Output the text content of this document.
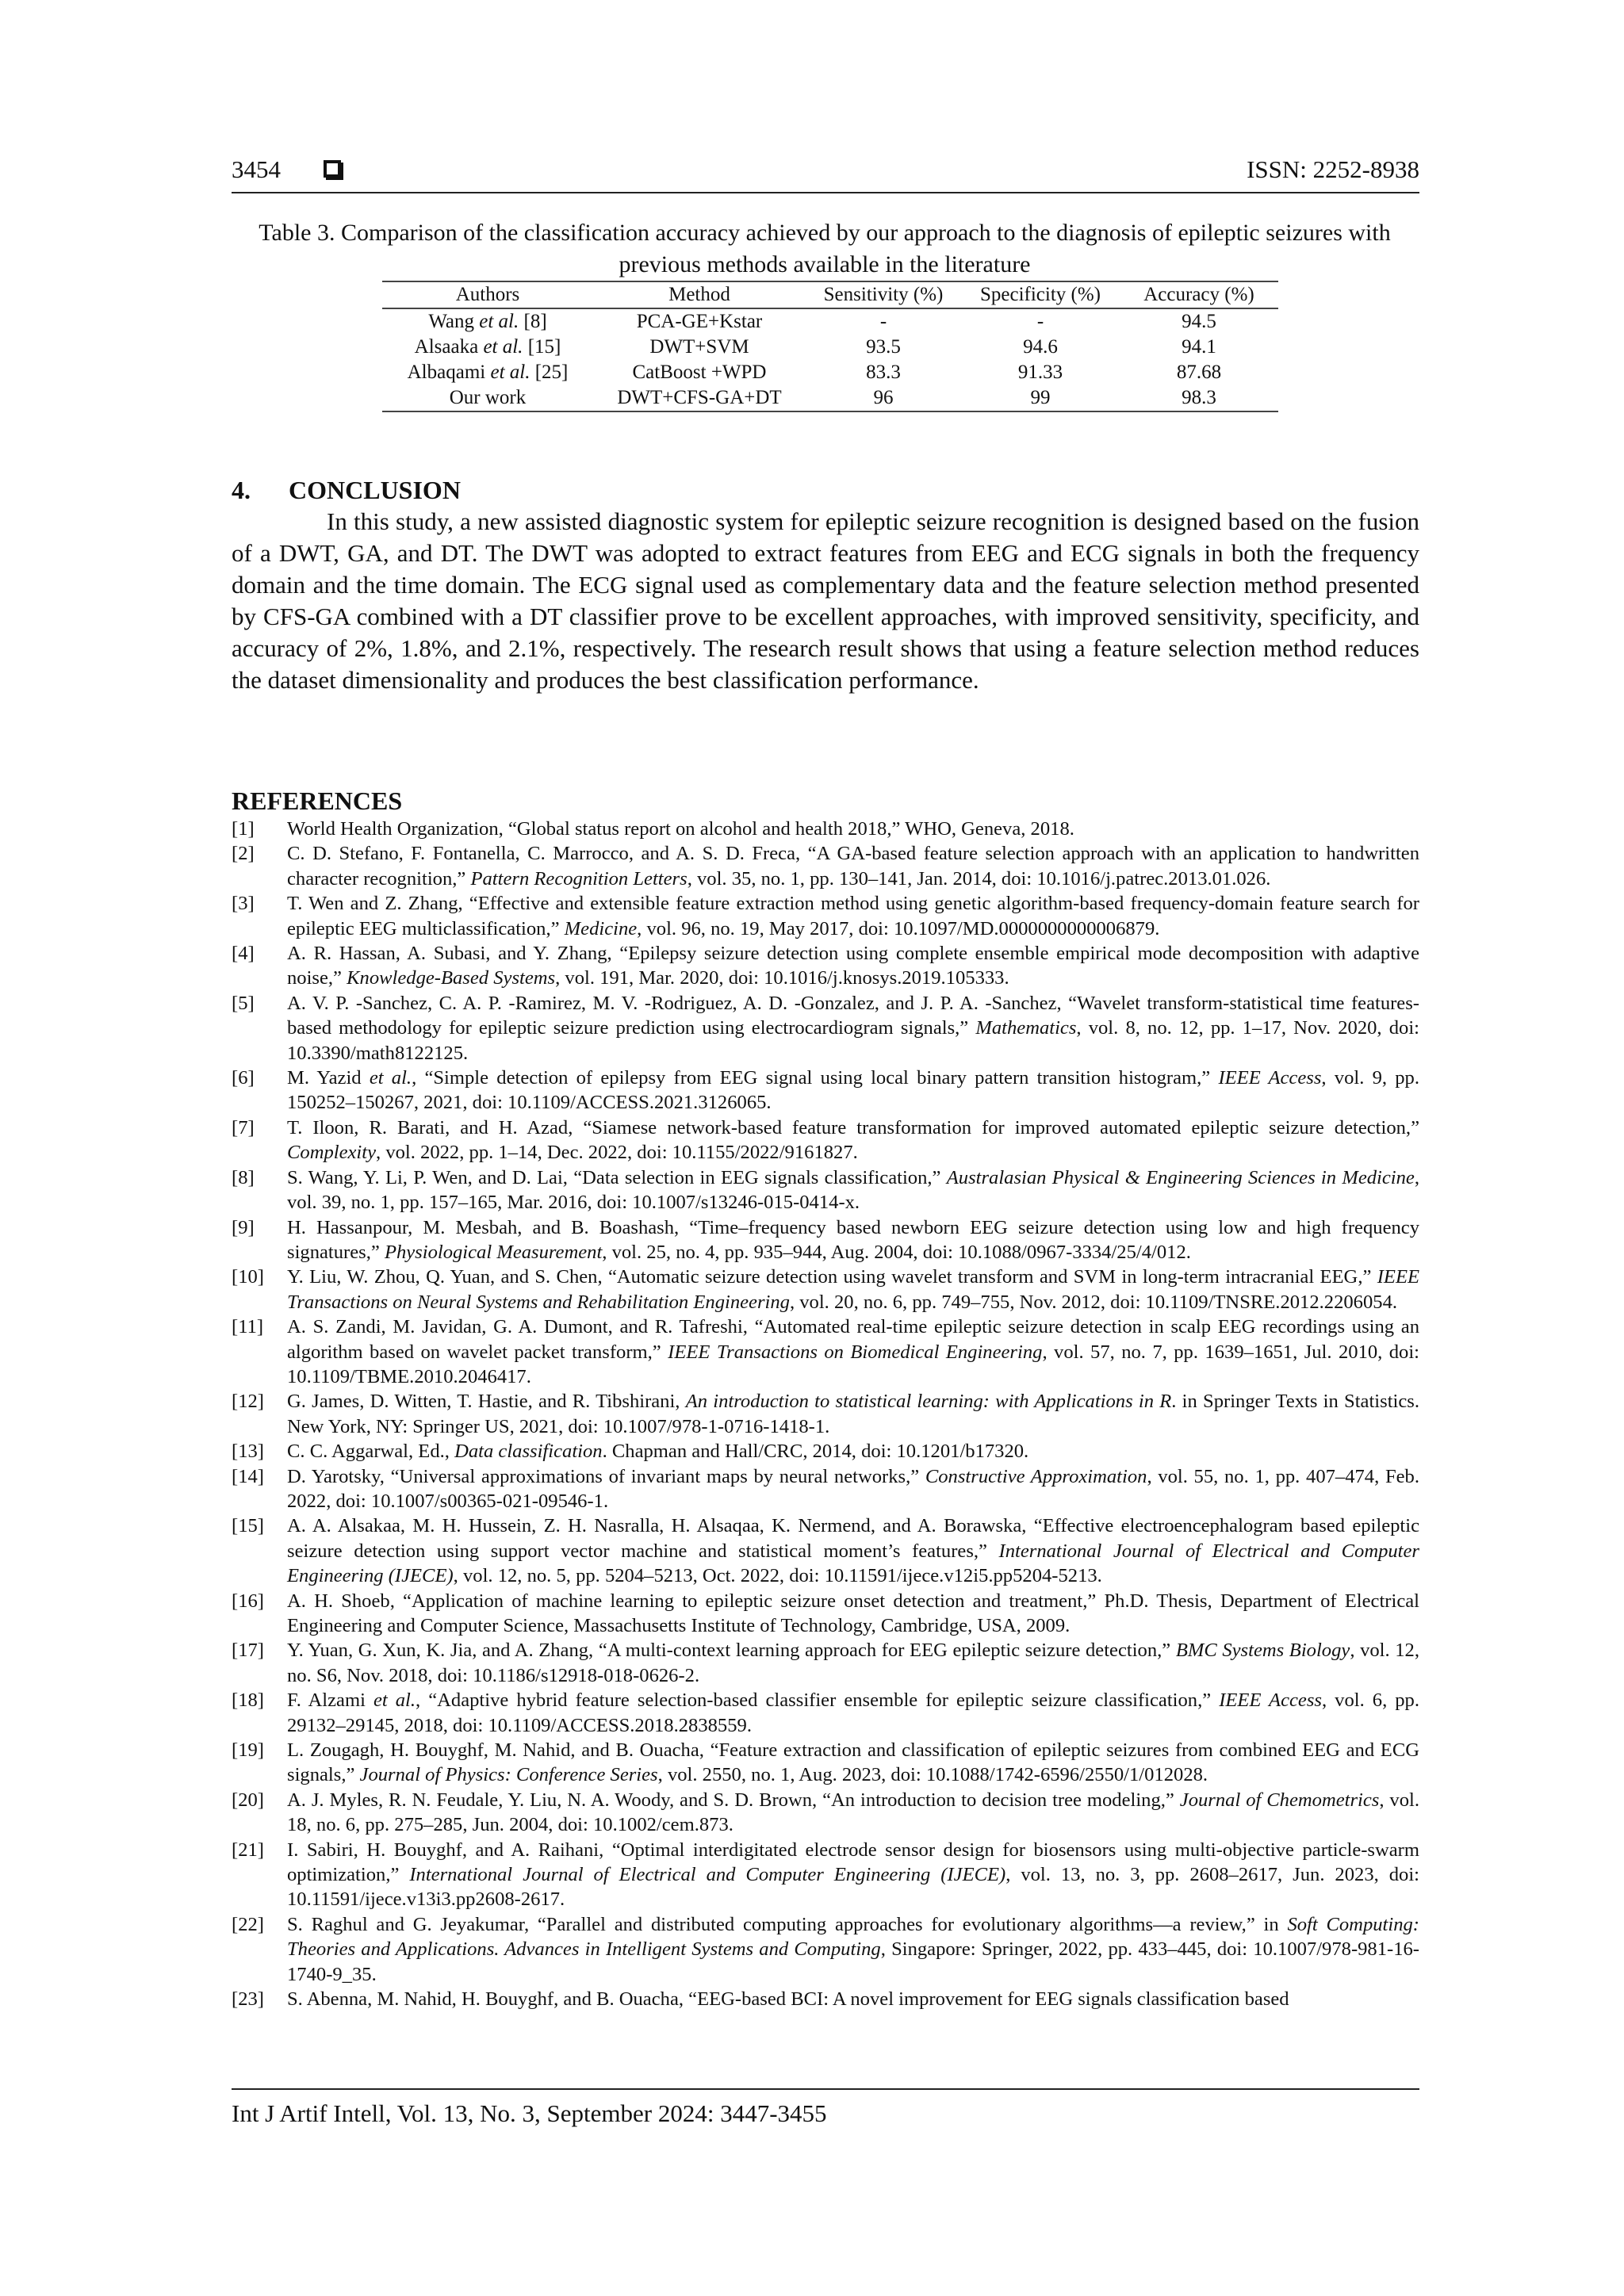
3454	ISSN: 2252-8938
Table 3. Comparison of the classification accuracy achieved by our approach to the diagnosis of epileptic seizures with previous methods available in the literature
Authors	Method	Sensitivity (%)	Specificity (%)	Accuracy (%)
Wang et al. [8]	PCA-GE+Kstar	-	-	94.5
Alsaaka et al. [15]	DWT+SVM	93.5	94.6	94.1
Albaqami et al. [25]	CatBoost +WPD	83.3	91.33	87.68
Our work	DWT+CFS-GA+DT	96	99	98.3
4. CONCLUSION

In this study, a new assisted diagnostic system for epileptic seizure recognition is designed based on the fusion of a DWT, GA, and DT. The DWT was adopted to extract features from EEG and ECG signals in both the frequency domain and the time domain. The ECG signal used as complementary data and the feature selection method presented by CFS-GA combined with a DT classifier prove to be excellent approaches, with improved sensitivity, specificity, and accuracy of 2%, 1.8%, and 2.1%, respectively. The research result shows that using a feature selection method reduces the dataset dimensionality and produces the best classification performance.

REFERENCES
[1]	World Health Organization, “Global status report on alcohol and health 2018,” WHO, Geneva, 2018.
[2]	C. D. Stefano, F. Fontanella, C. Marrocco, and A. S. D. Freca, “A GA-based feature selection approach with an application to handwritten character recognition,” Pattern Recognition Letters, vol. 35, no. 1, pp. 130–141, Jan. 2014, doi: 10.1016/j.patrec.2013.01.026.
[3]	T. Wen and Z. Zhang, “Effective and extensible feature extraction method using genetic algorithm-based frequency-domain feature search for epileptic EEG multiclassification,” Medicine, vol. 96, no. 19, May 2017, doi: 10.1097/MD.0000000000006879.
[4]	A. R. Hassan, A. Subasi, and Y. Zhang, “Epilepsy seizure detection using complete ensemble empirical mode decomposition with adaptive noise,” Knowledge-Based Systems, vol. 191, Mar. 2020, doi: 10.1016/j.knosys.2019.105333.
[5]	A. V. P. -Sanchez, C. A. P. -Ramirez, M. V. -Rodriguez, A. D. -Gonzalez, and J. P. A. -Sanchez, “Wavelet transform-statistical time features-based methodology for epileptic seizure prediction using electrocardiogram signals,” Mathematics, vol. 8, no. 12, pp. 1–17, Nov. 2020, doi: 10.3390/math8122125.
[6]	M. Yazid et al., “Simple detection of epilepsy from EEG signal using local binary pattern transition histogram,” IEEE Access, vol. 9, pp. 150252–150267, 2021, doi: 10.1109/ACCESS.2021.3126065.
[7]	T. Iloon, R. Barati, and H. Azad, “Siamese network-based feature transformation for improved automated epileptic seizure detection,” Complexity, vol. 2022, pp. 1–14, Dec. 2022, doi: 10.1155/2022/9161827.
[8]	S. Wang, Y. Li, P. Wen, and D. Lai, “Data selection in EEG signals classification,” Australasian Physical & Engineering Sciences in Medicine, vol. 39, no. 1, pp. 157–165, Mar. 2016, doi: 10.1007/s13246-015-0414-x.
[9]	H. Hassanpour, M. Mesbah, and B. Boashash, “Time–frequency based newborn EEG seizure detection using low and high frequency signatures,” Physiological Measurement, vol. 25, no. 4, pp. 935–944, Aug. 2004, doi: 10.1088/0967-3334/25/4/012.
[10]	Y. Liu, W. Zhou, Q. Yuan, and S. Chen, “Automatic seizure detection using wavelet transform and SVM in long-term intracranial EEG,” IEEE Transactions on Neural Systems and Rehabilitation Engineering, vol. 20, no. 6, pp. 749–755, Nov. 2012, doi: 10.1109/TNSRE.2012.2206054.
[11]	A. S. Zandi, M. Javidan, G. A. Dumont, and R. Tafreshi, “Automated real-time epileptic seizure detection in scalp EEG recordings using an algorithm based on wavelet packet transform,” IEEE Transactions on Biomedical Engineering, vol. 57, no. 7, pp. 1639–1651, Jul. 2010, doi: 10.1109/TBME.2010.2046417.
[12]	G. James, D. Witten, T. Hastie, and R. Tibshirani, An introduction to statistical learning: with Applications in R. in Springer Texts in Statistics. New York, NY: Springer US, 2021, doi: 10.1007/978-1-0716-1418-1.
[13]	C. C. Aggarwal, Ed., Data classification. Chapman and Hall/CRC, 2014, doi: 10.1201/b17320.
[14]	D. Yarotsky, “Universal approximations of invariant maps by neural networks,” Constructive Approximation, vol. 55, no. 1, pp. 407–474, Feb. 2022, doi: 10.1007/s00365-021-09546-1.
[15]	A. A. Alsakaa, M. H. Hussein, Z. H. Nasralla, H. Alsaqaa, K. Nermend, and A. Borawska, “Effective electroencephalogram based epileptic seizure detection using support vector machine and statistical moment’s features,” International Journal of Electrical and Computer Engineering (IJECE), vol. 12, no. 5, pp. 5204–5213, Oct. 2022, doi: 10.11591/ijece.v12i5.pp5204-5213.
[16]	A. H. Shoeb, “Application of machine learning to epileptic seizure onset detection and treatment,” Ph.D. Thesis, Department of Electrical Engineering and Computer Science, Massachusetts Institute of Technology, Cambridge, USA, 2009.
[17]	Y. Yuan, G. Xun, K. Jia, and A. Zhang, “A multi-context learning approach for EEG epileptic seizure detection,” BMC Systems Biology, vol. 12, no. S6, Nov. 2018, doi: 10.1186/s12918-018-0626-2.
[18]	F. Alzami et al., “Adaptive hybrid feature selection-based classifier ensemble for epileptic seizure classification,” IEEE Access, vol. 6, pp. 29132–29145, 2018, doi: 10.1109/ACCESS.2018.2838559.
[19]	L. Zougagh, H. Bouyghf, M. Nahid, and B. Ouacha, “Feature extraction and classification of epileptic seizures from combined EEG and ECG signals,” Journal of Physics: Conference Series, vol. 2550, no. 1, Aug. 2023, doi: 10.1088/1742-6596/2550/1/012028.
[20]	A. J. Myles, R. N. Feudale, Y. Liu, N. A. Woody, and S. D. Brown, “An introduction to decision tree modeling,” Journal of Chemometrics, vol. 18, no. 6, pp. 275–285, Jun. 2004, doi: 10.1002/cem.873.
[21]	I. Sabiri, H. Bouyghf, and A. Raihani, “Optimal interdigitated electrode sensor design for biosensors using multi-objective particle-swarm optimization,” International Journal of Electrical and Computer Engineering (IJECE), vol. 13, no. 3, pp. 2608–2617, Jun. 2023, doi: 10.11591/ijece.v13i3.pp2608-2617.
[22]	S. Raghul and G. Jeyakumar, “Parallel and distributed computing approaches for evolutionary algorithms—a review,” in Soft Computing: Theories and Applications. Advances in Intelligent Systems and Computing, Singapore: Springer, 2022, pp. 433–445, doi: 10.1007/978-981-16-1740-9_35.
[23]	S. Abenna, M. Nahid, H. Bouyghf, and B. Ouacha, “EEG-based BCI: A novel improvement for EEG signals classification based
Int J Artif Intell, Vol. 13, No. 3, September 2024: 3447-3455
